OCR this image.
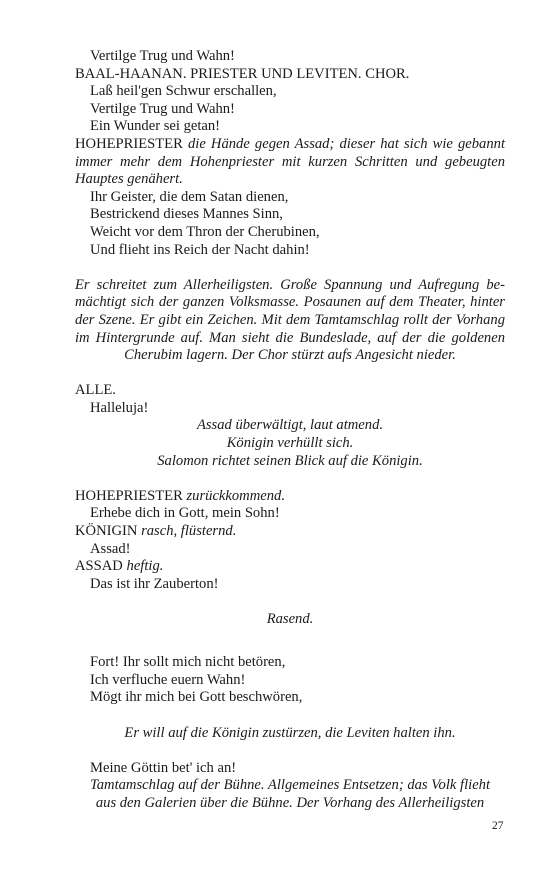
Vertilge Trug und Wahn!
BAAL-HAANAN. PRIESTER UND LEVITEN. CHOR.
Laß heil'gen Schwur erschallen,
Vertilge Trug und Wahn!
Ein Wunder sei getan!
HOHEPRIESTER die Hände gegen Assad; dieser hat sich wie gebannt
immer mehr dem Hohenpriester mit kurzen Schritten und gebeugten
Hauptes genähert.
Ihr Geister, die dem Satan dienen,
Bestrickend dieses Mannes Sinn,
Weicht vor dem Thron der Cherubinen,
Und flieht ins Reich der Nacht dahin!
Er schreitet zum Allerheiligsten. Große Spannung und Aufregung be-
mächtigt sich der ganzen Volksmasse. Posaunen auf dem Theater, hinter
der Szene. Er gibt ein Zeichen. Mit dem Tamtamschlag rollt der Vorhang
im Hintergrunde auf. Man sieht die Bundeslade, auf der die goldenen
Cherubim lagern. Der Chor stürzt aufs Angesicht nieder.
ALLE.
Halleluja!
Assad überwältigt, laut atmend.
Königin verhüllt sich.
Salomon richtet seinen Blick auf die Königin.
HOHEPRIESTER zurückkommend.
Erhebe dich in Gott, mein Sohn!
KÖNIGIN rasch, flüsternd.
Assad!
ASSAD heftig.
Das ist ihr Zauberton!
Rasend.
Fort! Ihr sollt mich nicht betören,
Ich verfluche euern Wahn!
Mögt ihr mich bei Gott beschwören,
Er will auf die Königin zustürzen, die Leviten halten ihn.
Meine Göttin bet' ich an!
Tamtamschlag auf der Bühne. Allgemeines Entsetzen; das Volk flieht
aus den Galerien über die Bühne. Der Vorhang des Allerheiligsten
27
